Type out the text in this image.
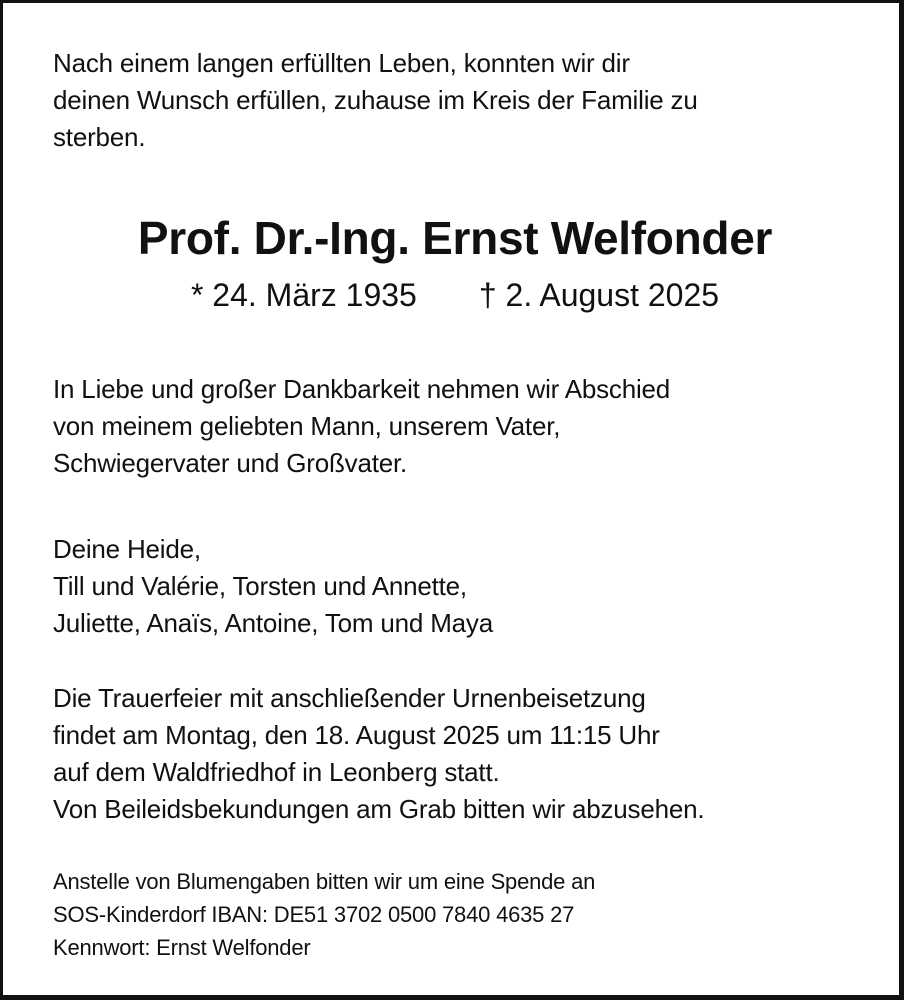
Nach einem langen erfüllten Leben, konnten wir dir
deinen Wunsch erfüllen, zuhause im Kreis der Familie zu
sterben.

Prof. Dr.-Ing. Ernst Welfonder

* 24. März 1935 † 2. August 2025

In Liebe und großer Dankbarkeit nehmen wir Abschied
von meinem geliebten Mann, unserem Vater,
Schwiegervater und Großvater.

Deine Heide,
Till und Valérie, Torsten und Annette,
Juliette, Anaïs, Antoine, Tom und Maya

Die Trauerfeier mit anschließender Urnenbeisetzung
findet am Montag, den 18. August 2025 um 11:15 Uhr
auf dem Waldfriedhof in Leonberg statt.
Von Beileidsbekundungen am Grab bitten wir abzusehen.

Anstelle von Blumengaben bitten wir um eine Spende an
SOS-Kinderdorf IBAN: DE51 3702 0500 7840 4635 27
Kennwort: Ernst Welfonder
